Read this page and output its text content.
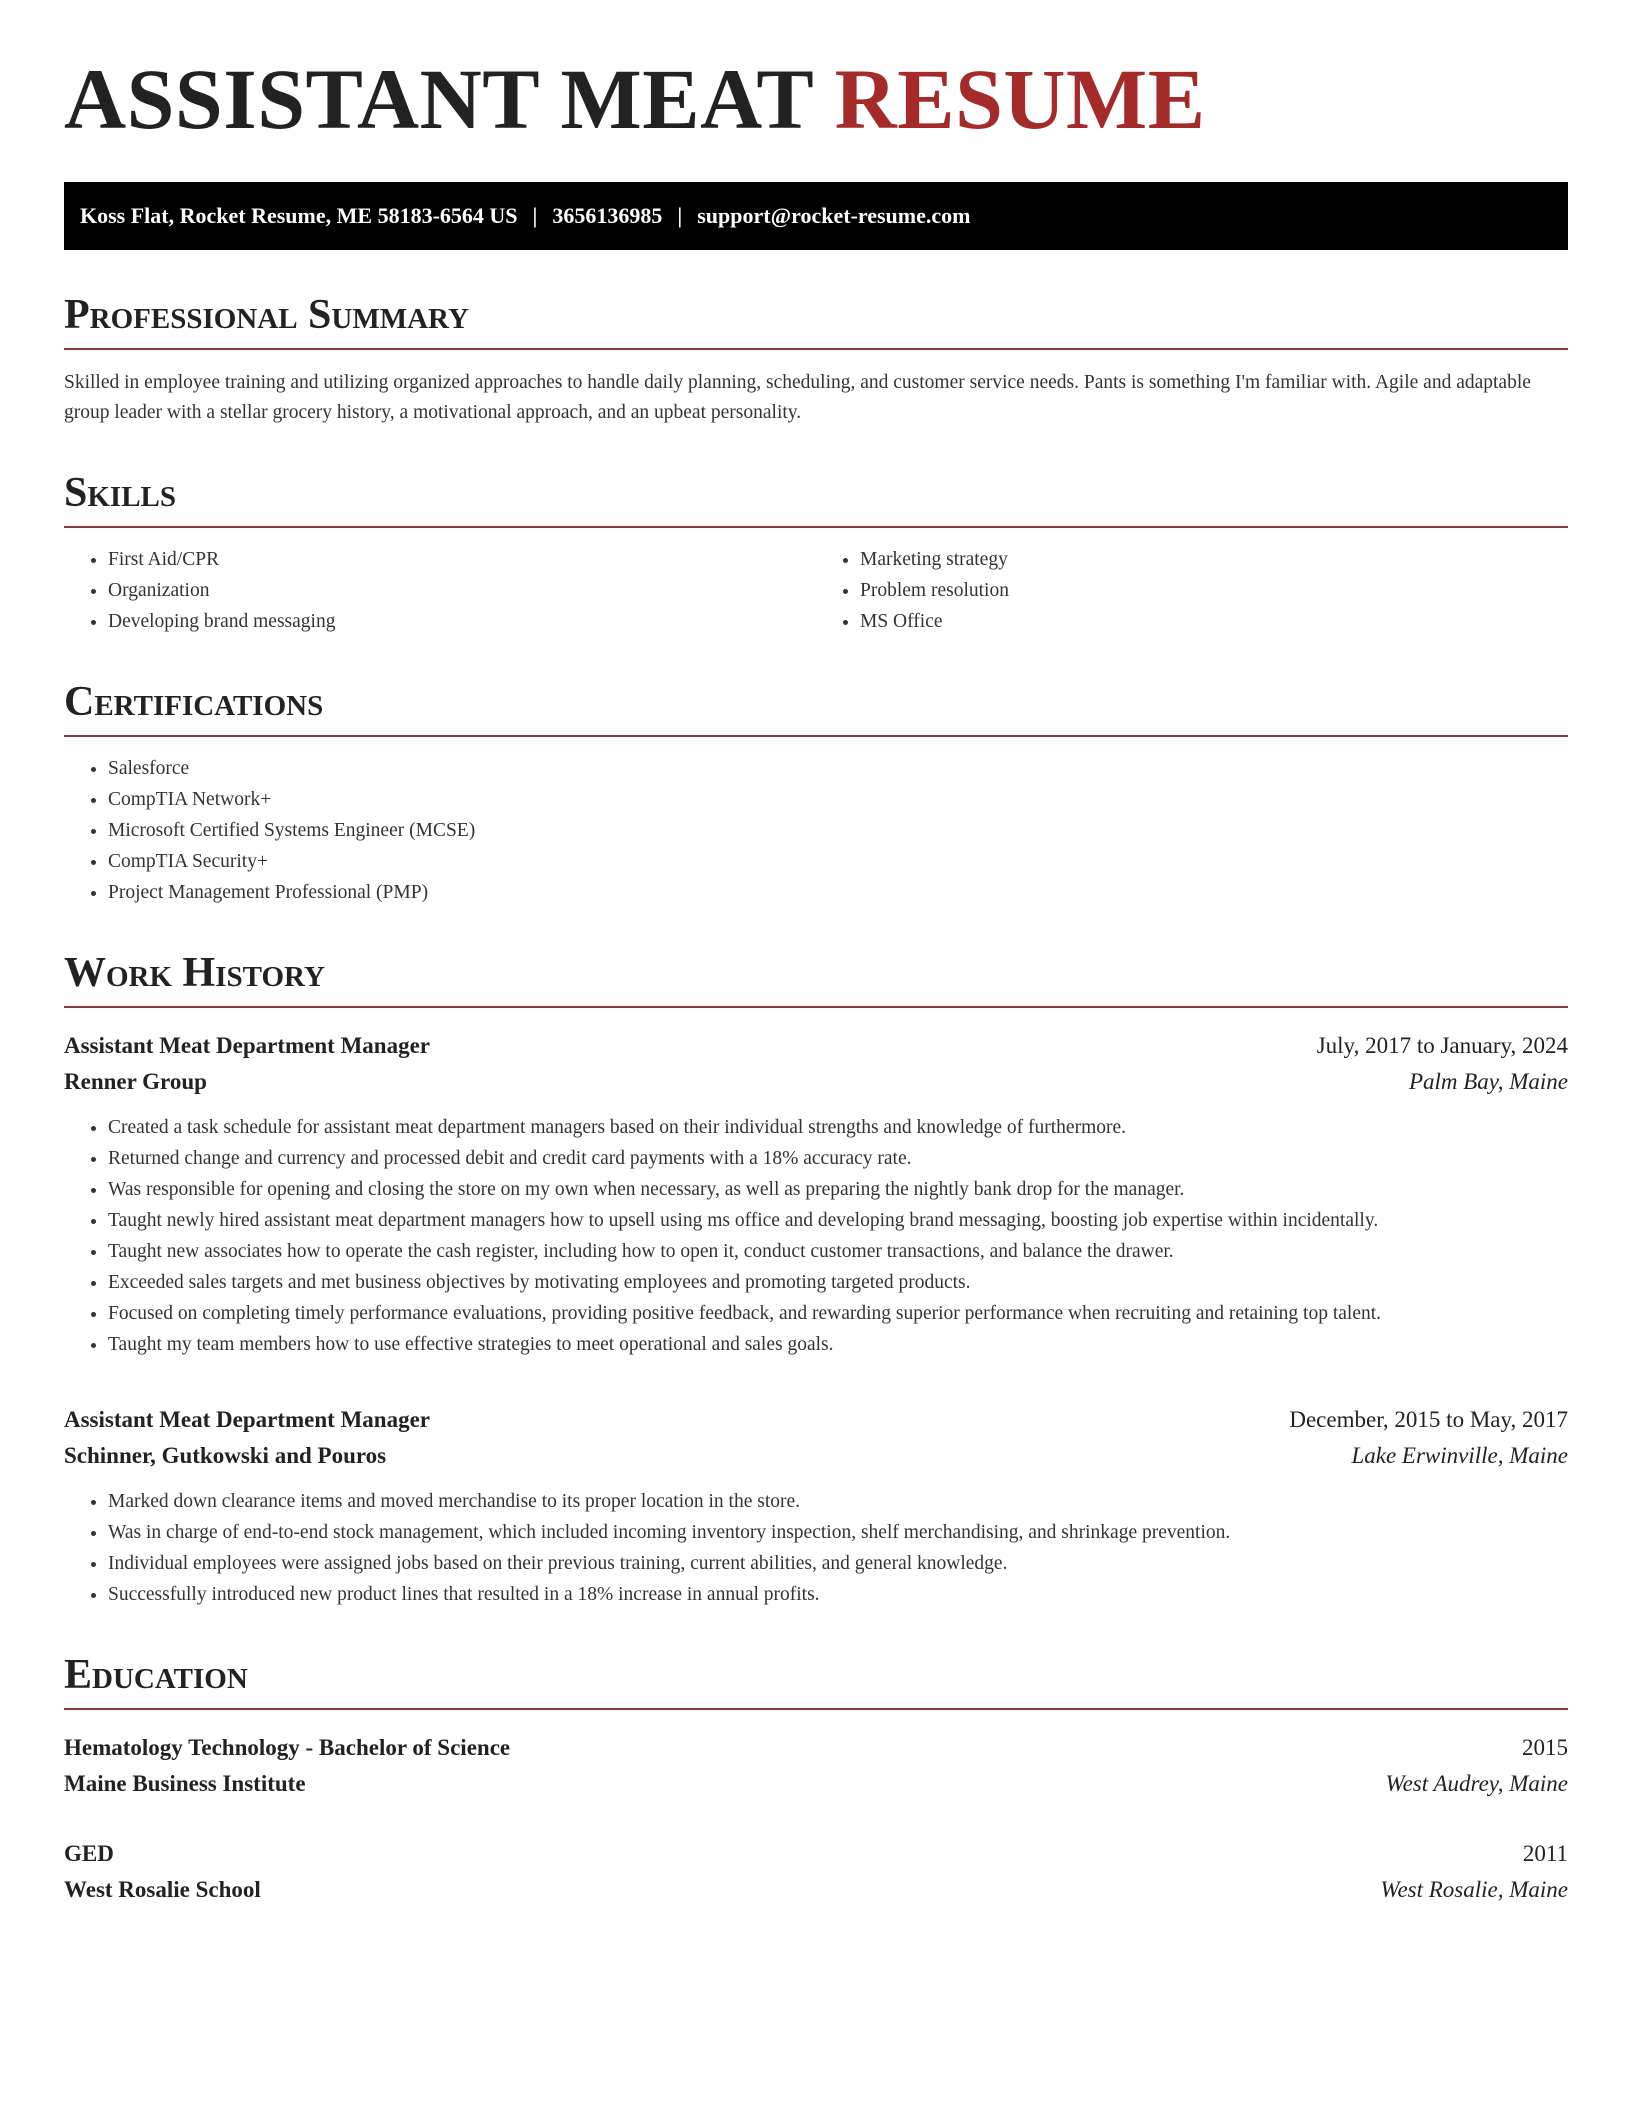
ASSISTANT MEAT RESUME
Koss Flat, Rocket Resume, ME 58183-6564 US | 3656136985 | support@rocket-resume.com
Professional Summary

Skilled in employee training and utilizing organized approaches to handle daily planning, scheduling, and customer service needs. Pants is something I'm familiar with. Agile and adaptable group leader with a stellar grocery history, a motivational approach, and an upbeat personality.

Skills
• First Aid/CPR
• Organization
• Developing brand messaging
• Marketing strategy
• Problem resolution
• MS Office
Certifications
• Salesforce
• CompTIA Network+
• Microsoft Certified Systems Engineer (MCSE)
• CompTIA Security+
• Project Management Professional (PMP)
Work History
Assistant Meat Department Manager	July, 2017 to January, 2024
Renner Group	Palm Bay, Maine
• Created a task schedule for assistant meat department managers based on their individual strengths and knowledge of furthermore.
• Returned change and currency and processed debit and credit card payments with a 18% accuracy rate.
• Was responsible for opening and closing the store on my own when necessary, as well as preparing the nightly bank drop for the manager.
• Taught newly hired assistant meat department managers how to upsell using ms office and developing brand messaging, boosting job expertise within incidentally.
• Taught new associates how to operate the cash register, including how to open it, conduct customer transactions, and balance the drawer.
• Exceeded sales targets and met business objectives by motivating employees and promoting targeted products.
• Focused on completing timely performance evaluations, providing positive feedback, and rewarding superior performance when recruiting and retaining top talent.
• Taught my team members how to use effective strategies to meet operational and sales goals.
Assistant Meat Department Manager	December, 2015 to May, 2017
Schinner, Gutkowski and Pouros	Lake Erwinville, Maine
• Marked down clearance items and moved merchandise to its proper location in the store.
• Was in charge of end-to-end stock management, which included incoming inventory inspection, shelf merchandising, and shrinkage prevention.
• Individual employees were assigned jobs based on their previous training, current abilities, and general knowledge.
• Successfully introduced new product lines that resulted in a 18% increase in annual profits.
Education
Hematology Technology - Bachelor of Science	2015
Maine Business Institute	West Audrey, Maine
GED	2011
West Rosalie School	West Rosalie, Maine
